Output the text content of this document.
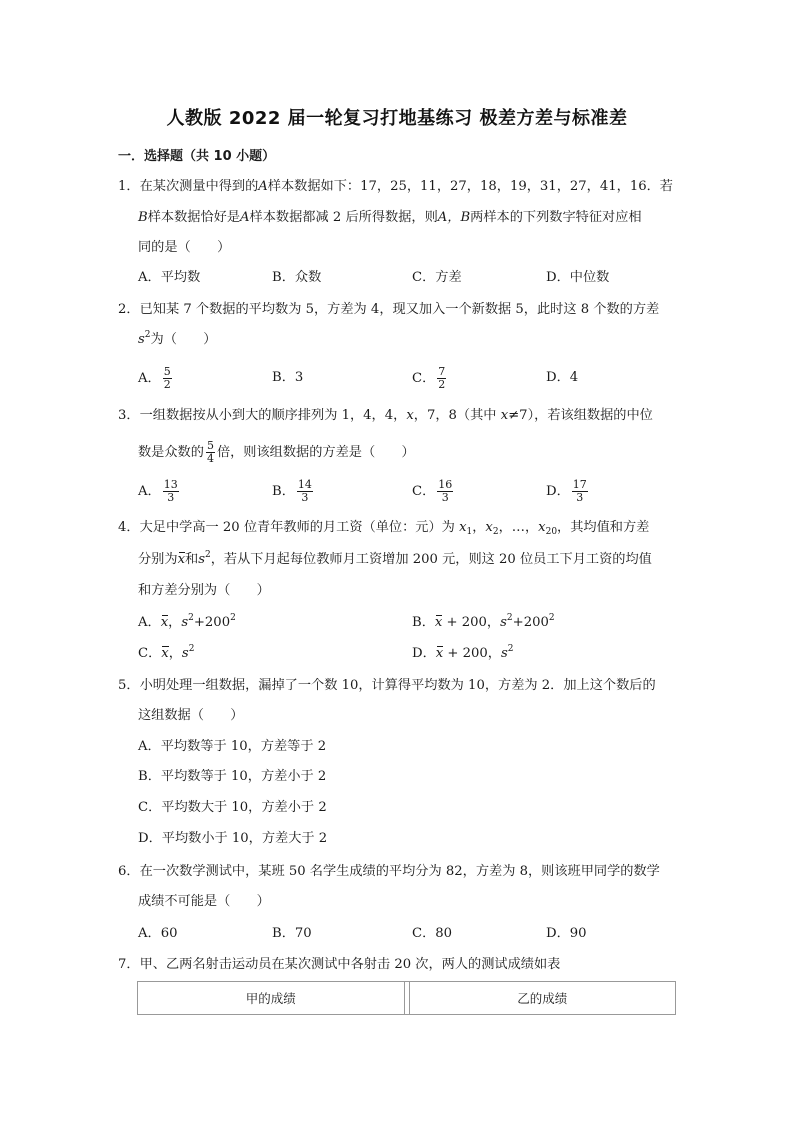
人教版 2022 届一轮复习打地基练习 极差方差与标准差
一．选择题（共 10 小题）
1．在某次测量中得到的A样本数据如下：17，25，11，27，18，19，31，27，41，16．若
B样本数据恰好是A样本数据都减 2 后所得数据，则A，B两样本的下列数字特征对应相
同的是（　　）
A．平均数	B．众数	C．方差	D．中位数
2．已知某 7 个数据的平均数为 5，方差为 4，现又加入一个新数据 5，此时这 8 个数的方差
$s^2$为（　　）
A． $\frac{5}{2}$	B．3	C． $\frac{7}{2}$	D．4
3．一组数据按从小到大的顺序排列为 1，4，4，x，7，8（其中 x≠7），若该组数据的中位
数是众数的 $\frac{5}{4}$ 倍，则该组数据的方差是（　　）
A． $\frac{13}{3}$	B． $\frac{14}{3}$	C． $\frac{16}{3}$	D． $\frac{17}{3}$
4．大足中学高一 20 位青年教师的月工资（单位：元）为 $x_1$，$x_2$，…，$x_{20}$，其均值和方差
分别为x和$s^2$，若从下月起每位教师月工资增加 200 元，则这 20 位员工下月工资的均值
和方差分别为（　　）
A．x，$s^2+200^2$	B．x + 200，$s^2+200^2$
C．x，$s^2$	D．x + 200，$s^2$
5．小明处理一组数据，漏掉了一个数 10，计算得平均数为 10，方差为 2．加上这个数后的
这组数据（　　）
A．平均数等于 10，方差等于 2
B．平均数等于 10，方差小于 2
C．平均数大于 10，方差小于 2
D．平均数小于 10，方差大于 2
6．在一次数学测试中，某班 50 名学生成绩的平均分为 82，方差为 8，则该班甲同学的数学
成绩不可能是（　　）
A．60	B．70	C．80	D．90
7．甲、乙两名射击运动员在某次测试中各射击 20 次，两人的测试成绩如表
甲的成绩		乙的成绩
